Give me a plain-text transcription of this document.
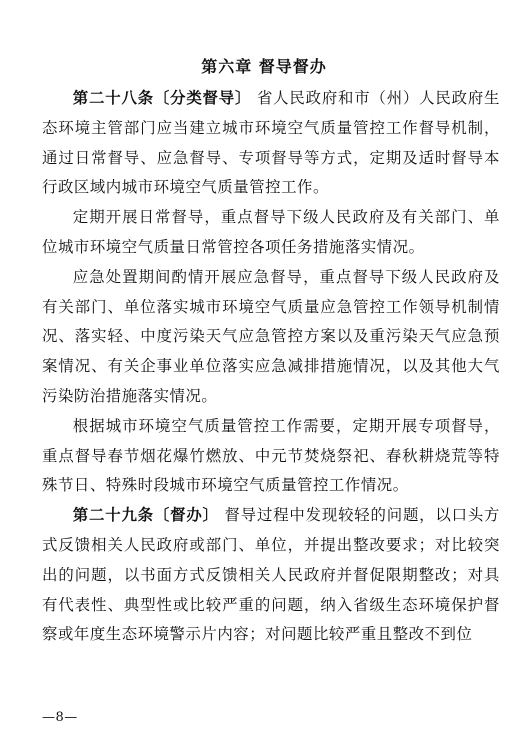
第六章 督导督办

第二十八条〔分类督导〕 省人民政府和市（州）人民政府生态环境主管部门应当建立城市环境空气质量管控工作督导机制，通过日常督导、应急督导、专项督导等方式，定期及适时督导本行政区域内城市环境空气质量管控工作。

定期开展日常督导，重点督导下级人民政府及有关部门、单位城市环境空气质量日常管控各项任务措施落实情况。

应急处置期间酌情开展应急督导，重点督导下级人民政府及有关部门、单位落实城市环境空气质量应急管控工作领导机制情况、落实轻、中度污染天气应急管控方案以及重污染天气应急预案情况、有关企事业单位落实应急减排措施情况，以及其他大气污染防治措施落实情况。

根据城市环境空气质量管控工作需要，定期开展专项督导，重点督导春节烟花爆竹燃放、中元节焚烧祭祀、春秋耕烧荒等特殊节日、特殊时段城市环境空气质量管控工作情况。

第二十九条〔督办〕 督导过程中发现较轻的问题，以口头方式反馈相关人民政府或部门、单位，并提出整改要求；对比较突出的问题，以书面方式反馈相关人民政府并督促限期整改；对具有代表性、典型性或比较严重的问题，纳入省级生态环境保护督察或年度生态环境警示片内容；对问题比较严重且整改不到位

—8—
